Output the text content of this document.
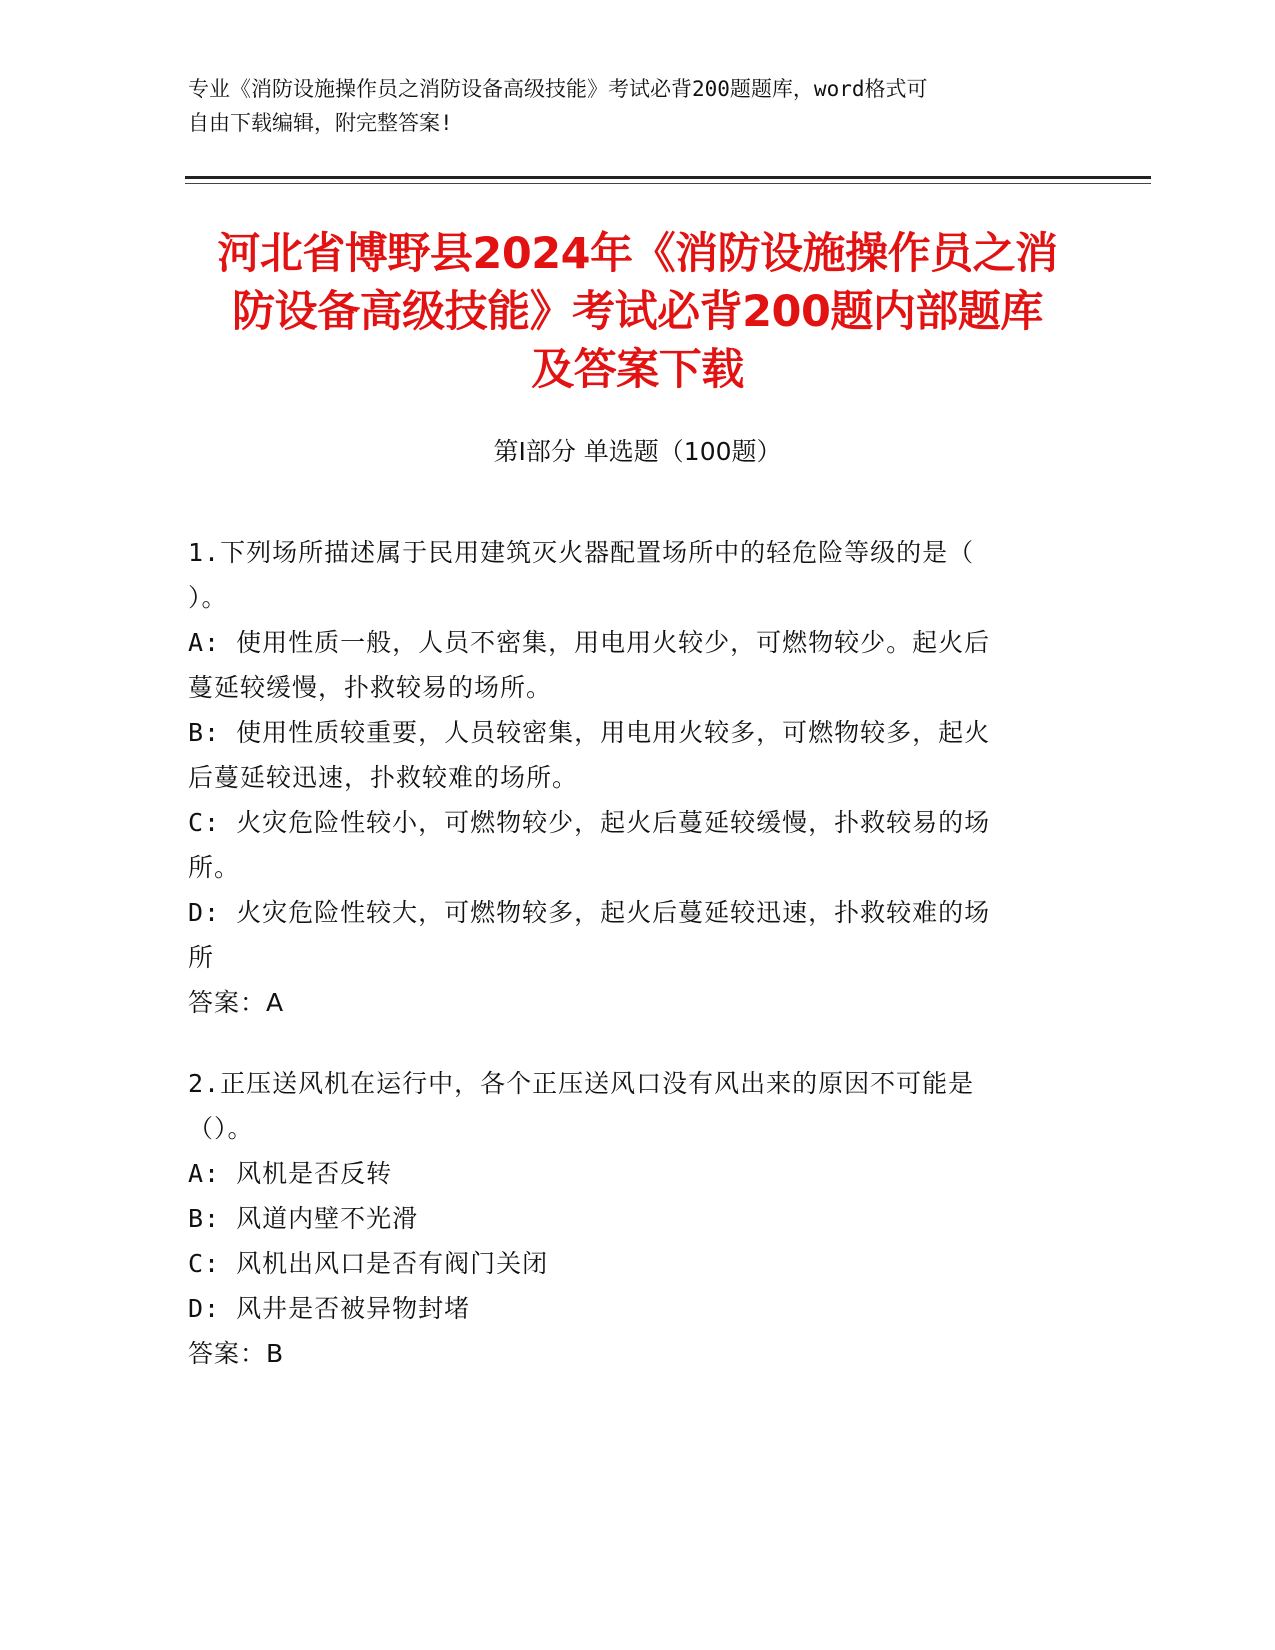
专业《消防设施操作员之消防设备高级技能》考试必背200题题库，word格式可
自由下载编辑，附完整答案!
河北省博野县2024年《消防设施操作员之消
防设备高级技能》考试必背200题内部题库
及答案下载
第I部分 单选题（100题）
1.下列场所描述属于民用建筑灭火器配置场所中的轻危险等级的是（
）。
A: 使用性质一般，人员不密集，用电用火较少，可燃物较少。起火后
蔓延较缓慢，扑救较易的场所。
B: 使用性质较重要，人员较密集，用电用火较多，可燃物较多，起火
后蔓延较迅速，扑救较难的场所。
C: 火灾危险性较小，可燃物较少，起火后蔓延较缓慢，扑救较易的场
所。
D: 火灾危险性较大，可燃物较多，起火后蔓延较迅速，扑救较难的场
所
答案：A
2.正压送风机在运行中，各个正压送风口没有风出来的原因不可能是
（）。
A: 风机是否反转
B: 风道内壁不光滑
C: 风机出风口是否有阀门关闭
D: 风井是否被异物封堵
答案：B
